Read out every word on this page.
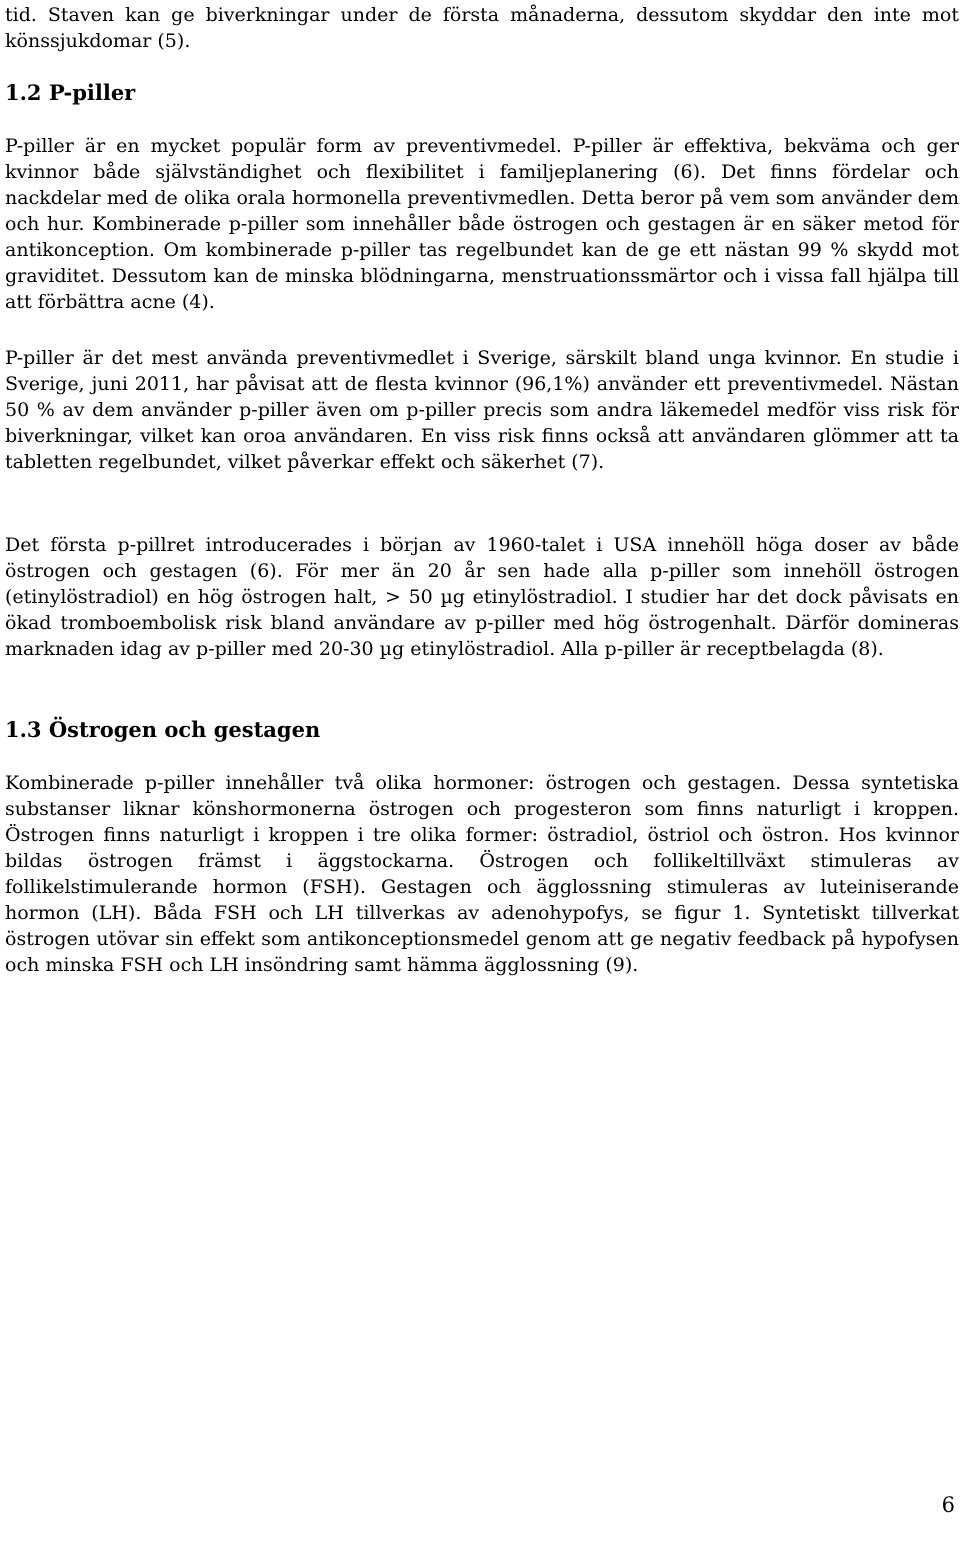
tid. Staven kan ge biverkningar under de första månaderna, dessutom skyddar den inte mot könssjukdomar (5).

1.2 P-piller

P-piller är en mycket populär form av preventivmedel. P-piller är effektiva, bekväma och ger kvinnor både självständighet och flexibilitet i familjeplanering (6). Det finns fördelar och nackdelar med de olika orala hormonella preventivmedlen. Detta beror på vem som använder dem och hur. Kombinerade p-piller som innehåller både östrogen och gestagen är en säker metod för antikonception. Om kombinerade p-piller tas regelbundet kan de ge ett nästan 99 % skydd mot graviditet. Dessutom kan de minska blödningarna, menstruationssmärtor och i vissa fall hjälpa till att förbättra acne (4).

P-piller är det mest använda preventivmedlet i Sverige, särskilt bland unga kvinnor. En studie i Sverige, juni 2011, har påvisat att de flesta kvinnor (96,1%) använder ett preventivmedel. Nästan 50 % av dem använder p-piller även om p-piller precis som andra läkemedel medför viss risk för biverkningar, vilket kan oroa användaren. En viss risk finns också att användaren glömmer att ta tabletten regelbundet, vilket påverkar effekt och säkerhet (7).

Det första p-pillret introducerades i början av 1960-talet i USA innehöll höga doser av både östrogen och gestagen (6). För mer än 20 år sen hade alla p-piller som innehöll östrogen (etinylöstradiol) en hög östrogen halt, > 50 µg etinylöstradiol. I studier har det dock påvisats en ökad tromboembolisk risk bland användare av p-piller med hög östrogenhalt. Därför domineras marknaden idag av p-piller med 20-30 µg etinylöstradiol. Alla p-piller är receptbelagda (8).

1.3 Östrogen och gestagen

Kombinerade p-piller innehåller två olika hormoner: östrogen och gestagen. Dessa syntetiska substanser liknar könshormonerna östrogen och progesteron som finns naturligt i kroppen. Östrogen finns naturligt i kroppen i tre olika former: östradiol, östriol och östron. Hos kvinnor bildas östrogen främst i äggstockarna. Östrogen och follikeltillväxt stimuleras av follikelstimulerande hormon (FSH). Gestagen och ägglossning stimuleras av luteiniserande hormon (LH). Båda FSH och LH tillverkas av adenohypofys, se figur 1. Syntetiskt tillverkat östrogen utövar sin effekt som antikonceptionsmedel genom att ge negativ feedback på hypofysen och minska FSH och LH insöndring samt hämma ägglossning (9).

6
